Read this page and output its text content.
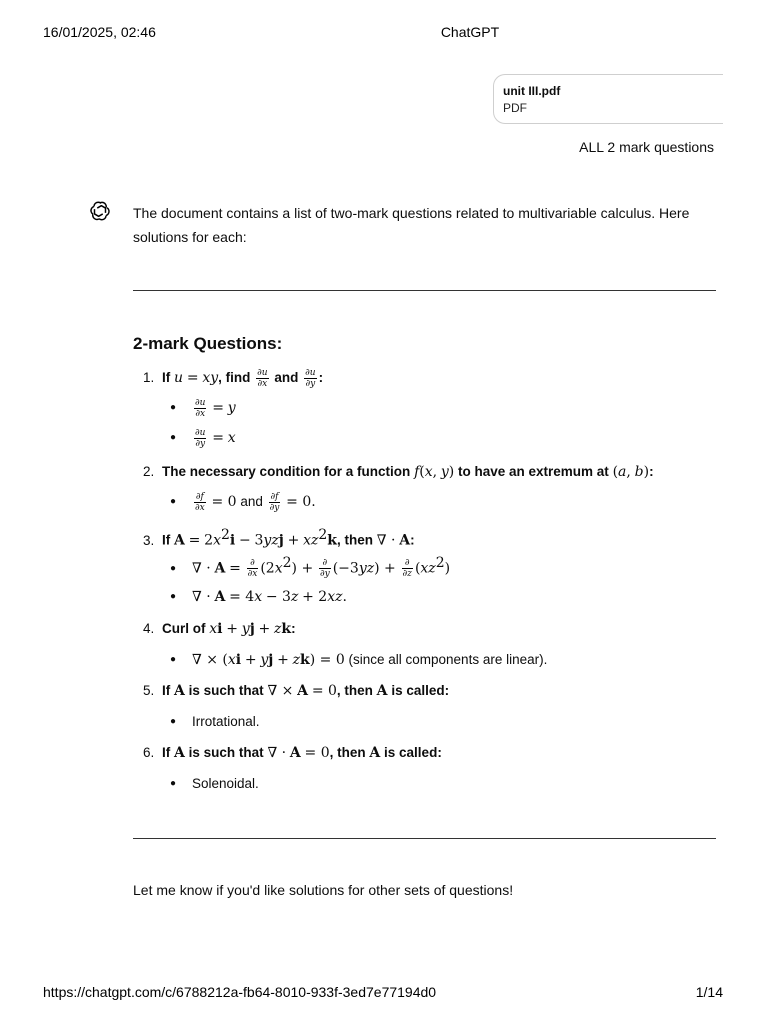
16/01/2025, 02:46	ChatGPT
unit III.pdf
PDF
ALL 2 mark questions
The document contains a list of two-mark questions related to multivariable calculus. Here
solutions for each:
2-mark Questions:
1. If u = xy, find $\frac{\partial u}{\partial x}$ and $\frac{\partial u}{\partial y}$ :
● $\frac{\partial u}{\partial x} = y$
● $\frac{\partial u}{\partial y} = x$
2. The necessary condition for a function f(x, y) to have an extremum at (a, b):
● $\frac{\partial f}{\partial x} = 0$ and $\frac{\partial f}{\partial y} = 0$.
3. If $A = 2x^2i - 3yzj + xz^2k$, then ∇ · A:
● ∇ · $A = \frac{\partial}{\partial x} (2x^2) + \frac{\partial}{\partial y} (-3yz) + \frac{\partial}{\partial z} (xz^2)$
● ∇ · A = 4x − 3z + 2xz.
4. Curl of xi + yj + zk:
● ∇ × (xi + yj + zk) = 0 (since all components are linear).
5. If A is such that ∇ × A = 0, then A is called:
● Irrotational.
6. If A is such that ∇ · A = 0, then A is called:
● Solenoidal.
Let me know if you'd like solutions for other sets of questions!
https://chatgpt.com/c/6788212a-fb64-8010-933f-3ed7e77194d0	1/14
